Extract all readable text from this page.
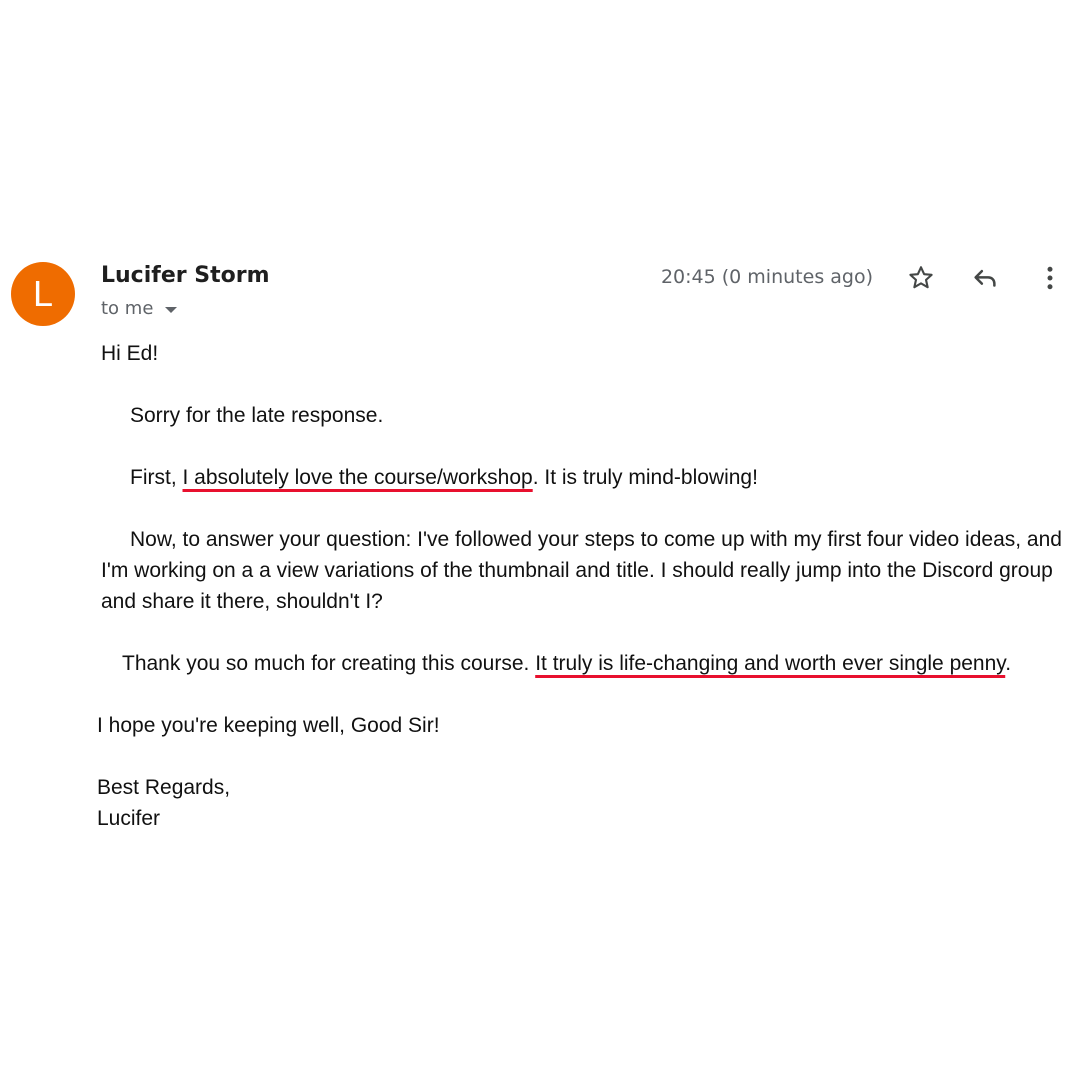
L	Lucifer Storm
to me
20:45 (0 minutes ago)

Hi Ed!

Sorry for the late response.

First, I absolutely love the course/workshop. It is truly mind-blowing!

Now, to answer your question: I've followed your steps to come up with my first four video ideas, and I'm working on a a view variations of the thumbnail and title. I should really jump into the Discord group and share it there, shouldn't I?

Thank you so much for creating this course. It truly is life-changing and worth ever single penny.

I hope you're keeping well, Good Sir!

Best Regards,

Lucifer
